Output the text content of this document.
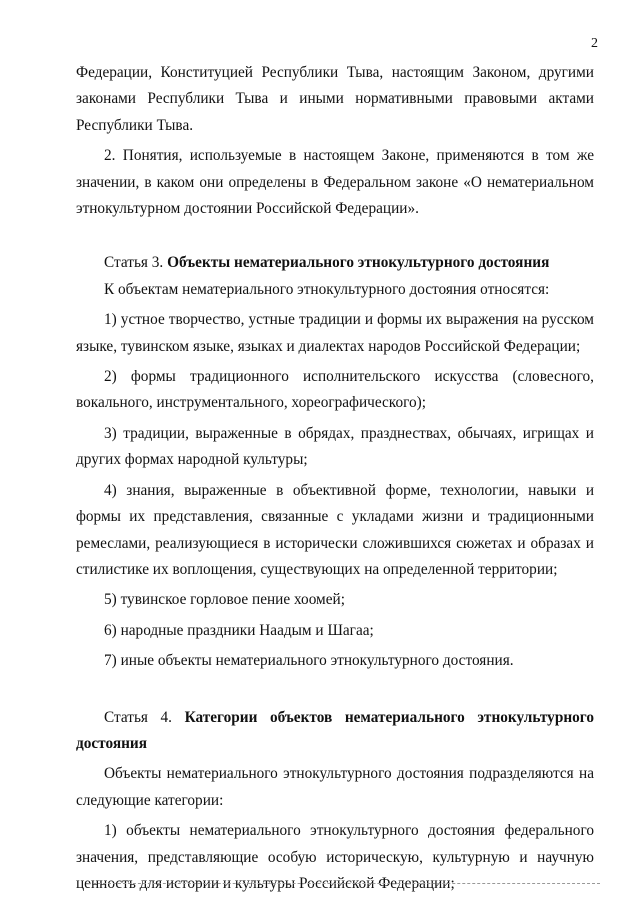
2

Федерации, Конституцией Республики Тыва, настоящим Законом, другими законами Республики Тыва и иными нормативными правовыми актами Республики Тыва.

2. Понятия, используемые в настоящем Законе, применяются в том же значении, в каком они определены в Федеральном законе «О нематериальном этнокультурном достоянии Российской Федерации».

Статья 3. Объекты нематериального этнокультурного достояния

К объектам нематериального этнокультурного достояния относятся:

1) устное творчество, устные традиции и формы их выражения на русском языке, тувинском языке, языках и диалектах народов Российской Федерации;

2) формы традиционного исполнительского искусства (словесного, вокального, инструментального, хореографического);

3) традиции, выраженные в обрядах, празднествах, обычаях, игрищах и других формах народной культуры;

4) знания, выраженные в объективной форме, технологии, навыки и формы их представления, связанные с укладами жизни и традиционными ремеслами, реализующиеся в исторически сложившихся сюжетах и образах и стилистике их воплощения, существующих на определенной территории;

5) тувинское горловое пение хоомей;

6) народные праздники Наадым и Шагаа;

7) иные объекты нематериального этнокультурного достояния.

Статья 4. Категории объектов нематериального этнокультурного достояния

Объекты нематериального этнокультурного достояния подразделяются на следующие категории:

1) объекты нематериального этнокультурного достояния федерального значения, представляющие особую историческую, культурную и научную ценность для истории и культуры Российской Федерации;
